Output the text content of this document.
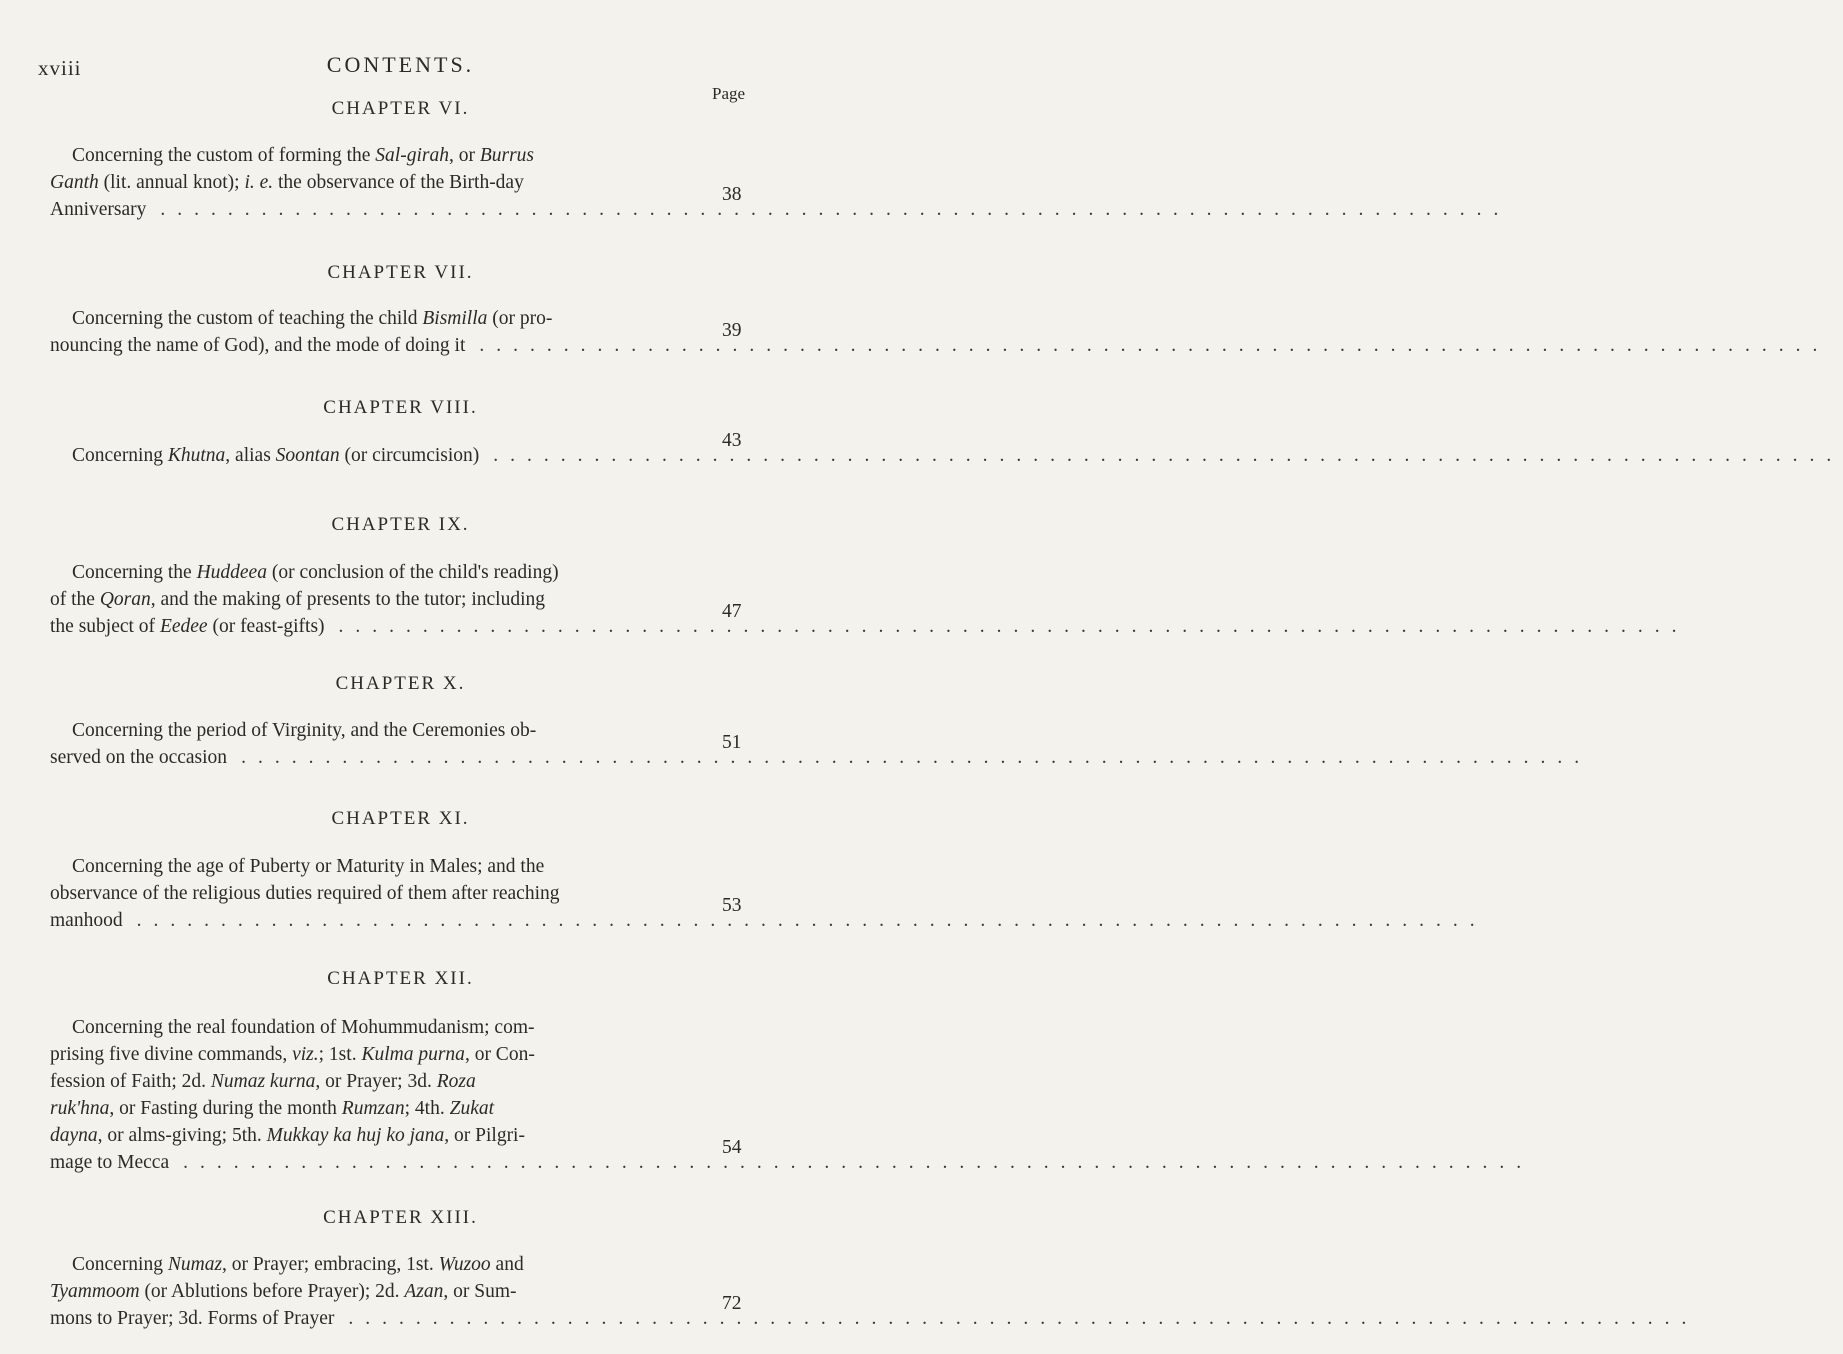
xviii	CONTENTS.
Page
CHAPTER VI.
Concerning the custom of forming the Sal-girah, or Burrus
Ganth (lit. annual knot); i. e. the observance of the Birth-day
Anniversary ................................................................................
38
CHAPTER VII.
Concerning the custom of teaching the child Bismilla (or pro-
nouncing the name of God), and the mode of doing it ................................................................................
39
CHAPTER VIII.
Concerning Khutna, alias Soontan (or circumcision) ................................................................................
43
CHAPTER IX.
Concerning the Huddeea (or conclusion of the child's reading)
of the Qoran, and the making of presents to the tutor; including
the subject of Eedee (or feast-gifts) ................................................................................
47
CHAPTER X.
Concerning the period of Virginity, and the Ceremonies ob-
served on the occasion ................................................................................
51
CHAPTER XI.
Concerning the age of Puberty or Maturity in Males; and the
observance of the religious duties required of them after reaching
manhood ................................................................................
53
CHAPTER XII.
Concerning the real foundation of Mohummudanism; com-
prising five divine commands, viz.; 1st. Kulma purna, or Con-
fession of Faith; 2d. Numaz kurna, or Prayer; 3d. Roza
ruk'hna, or Fasting during the month Rumzan; 4th. Zukat
dayna, or alms-giving; 5th. Mukkay ka huj ko jana, or Pilgri-
mage to Mecca ................................................................................
54
CHAPTER XIII.
Concerning Numaz, or Prayer; embracing, 1st. Wuzoo and
Tyammoom (or Ablutions before Prayer); 2d. Azan, or Sum-
mons to Prayer; 3d. Forms of Prayer ................................................................................
72
